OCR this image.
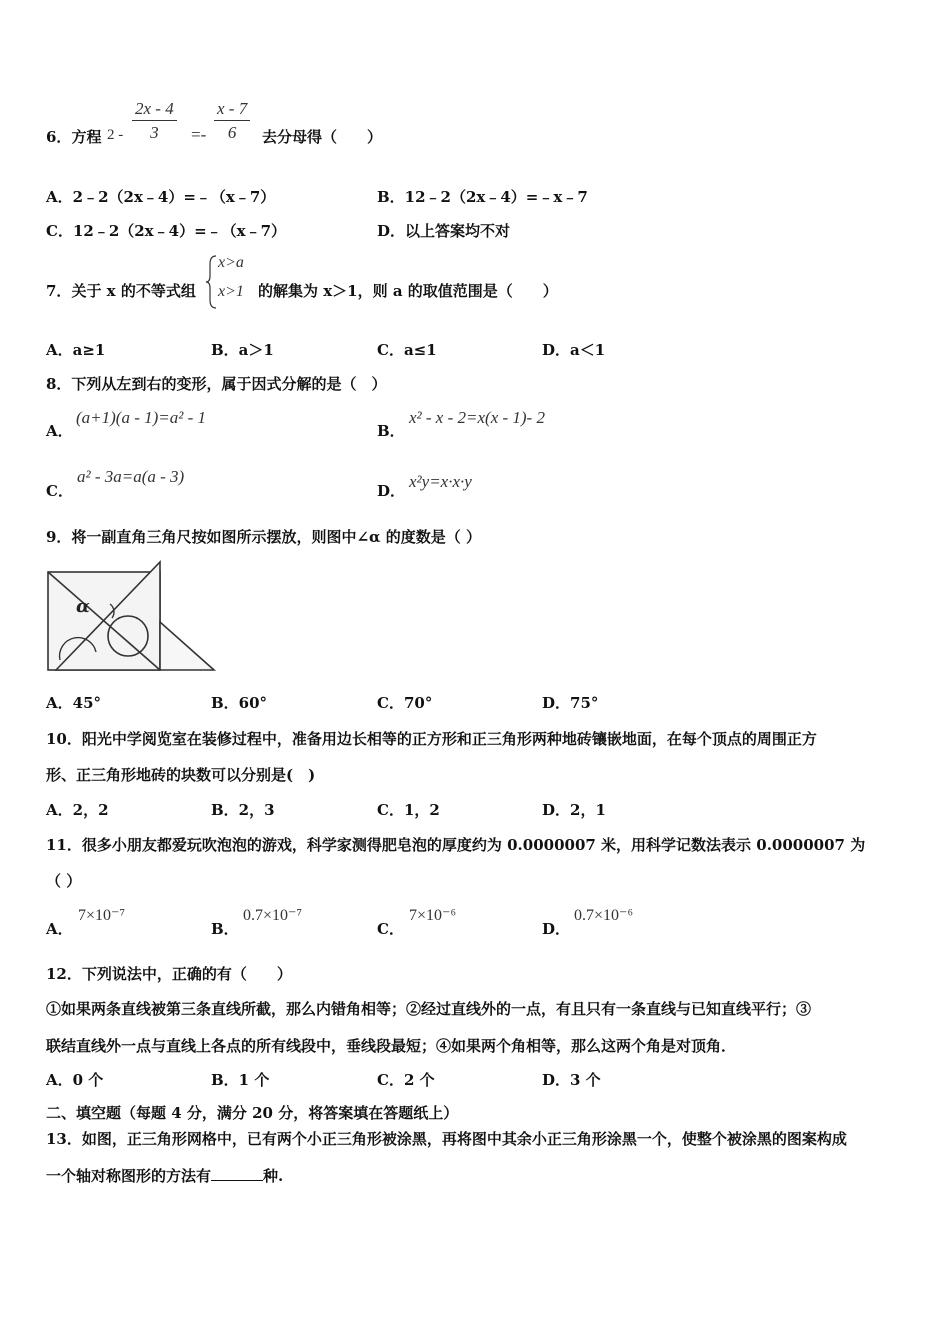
6．方程 $2 - \frac{2x - 4}{3} =- \frac{x - 7}{6}$ 去分母得（　　）
A．2﹣2（2x﹣4）=﹣（x﹣7）	B．12﹣2（2x﹣4）=﹣x﹣7
C．12﹣2（2x﹣4）=﹣（x﹣7）	D．以上答案均不对
7．关于 x 的不等式组
x>a
x>1 的解集为 x＞1，则 a 的取值范围是（　　）
A．a≥1	B．a＞1	C．a≤1	D．a＜1
8．下列从左到右的变形，属于因式分解的是（　）
A．
(a+1)(a - 1)=a² - 1
B．
x² - x - 2=x(x - 1)- 2
C．
a² - 3a=a(a - 3)
D． x²y=x·x·y
9．将一副直角三角尺按如图所示摆放，则图中∠α 的度数是（ ）
α
A．45°	B．60°	C．70°	D．75°
10．阳光中学阅览室在装修过程中，准备用边长相等的正方形和正三角形两种地砖镶嵌地面，在每个顶点的周围正方
形、正三角形地砖的块数可以分别是(　)
A．2，2	B．2，3	C．1，2	D．2，1
11．很多小朋友都爱玩吹泡泡的游戏，科学家测得肥皂泡的厚度约为 0.0000007 米，用科学记数法表示 0.0000007 为
（ ）
A．
7×10⁻⁷
B．
0.7×10⁻⁷
C．
7×10⁻⁶
D．
0.7×10⁻⁶
12．下列说法中，正确的有（　　）
①如果两条直线被第三条直线所截，那么内错角相等；②经过直线外的一点，有且只有一条直线与已知直线平行；③
联结直线外一点与直线上各点的所有线段中，垂线段最短；④如果两个角相等，那么这两个角是对顶角．
A．0 个	B．1 个	C．2 个	D．3 个
二、填空题（每题 4 分，满分 20 分，将答案填在答题纸上）
13．如图，正三角形网格中，已有两个小正三角形被涂黑，再将图中其余小正三角形涂黑一个，使整个被涂黑的图案构成
一个轴对称图形的方法有	种.
